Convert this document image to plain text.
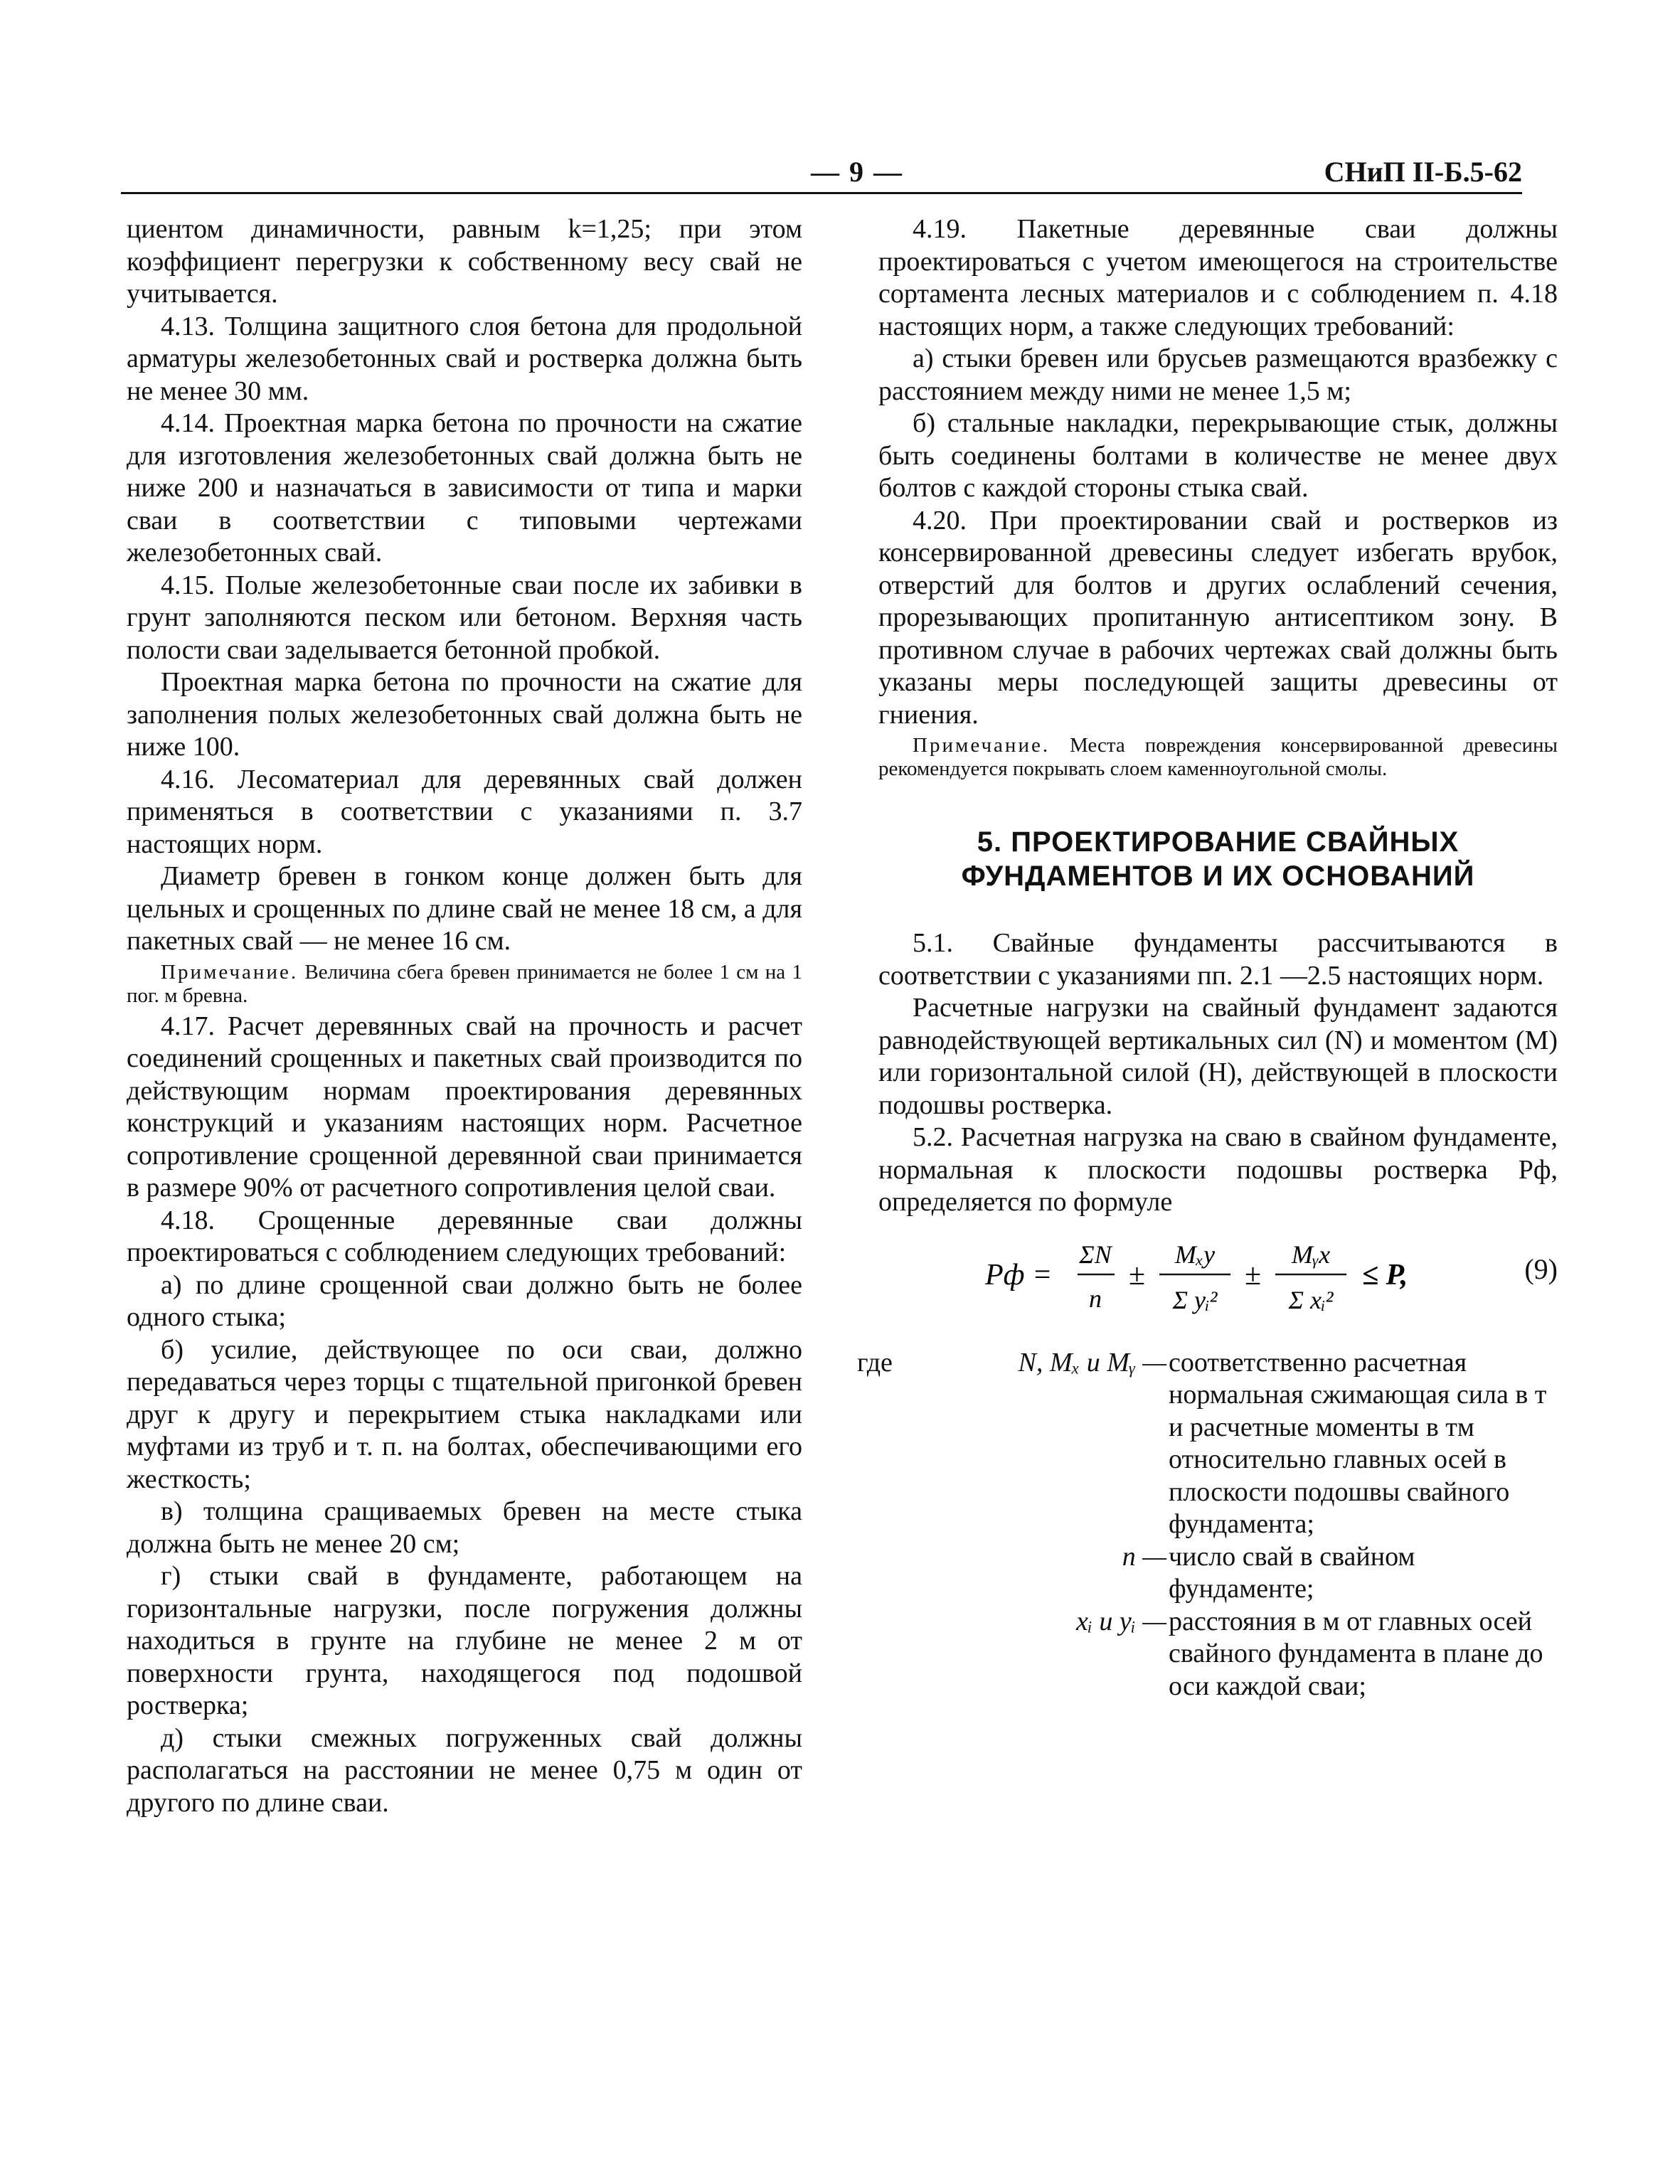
— 9 —	СНиП II-Б.5-62

циентом динамичности, равным k=1,25; при этом коэффициент перегрузки к собственному весу свай не учитывается.

4.13. Толщина защитного слоя бетона для продольной арматуры железобетонных свай и ростверка должна быть не менее 30 мм.

4.14. Проектная марка бетона по прочности на сжатие для изготовления железобетонных свай должна быть не ниже 200 и назначаться в зависимости от типа и марки сваи в соответствии с типовыми чертежами железобетонных свай.

4.15. Полые железобетонные сваи после их забивки в грунт заполняются песком или бетоном. Верхняя часть полости сваи заделывается бетонной пробкой.

Проектная марка бетона по прочности на сжатие для заполнения полых железобетонных свай должна быть не ниже 100.

4.16. Лесоматериал для деревянных свай должен применяться в соответствии с указаниями п. 3.7 настоящих норм.

Диаметр бревен в гонком конце должен быть для цельных и срощенных по длине свай не менее 18 см, а для пакетных свай — не менее 16 см.

Примечание. Величина сбега бревен принимается не более 1 см на 1 пог. м бревна.

4.17. Расчет деревянных свай на прочность и расчет соединений срощенных и пакетных свай производится по действующим нормам проектирования деревянных конструкций и указаниям настоящих норм. Расчетное сопротивление срощенной деревянной сваи принимается в размере 90% от расчетного сопротивления целой сваи.

4.18. Срощенные деревянные сваи должны проектироваться с соблюдением следующих требований:

а) по длине срощенной сваи должно быть не более одного стыка;

б) усилие, действующее по оси сваи, должно передаваться через торцы с тщательной пригонкой бревен друг к другу и перекрытием стыка накладками или муфтами из труб и т. п. на болтах, обеспечивающими его жесткость;

в) толщина сращиваемых бревен на месте стыка должна быть не менее 20 см;

г) стыки свай в фундаменте, работающем на горизонтальные нагрузки, после погружения должны находиться в грунте на глубине не менее 2 м от поверхности грунта, находящегося под подошвой ростверка;

д) стыки смежных погруженных свай должны располагаться на расстоянии не менее 0,75 м один от другого по длине сваи.

4.19. Пакетные деревянные сваи должны проектироваться с учетом имеющегося на строительстве сортамента лесных материалов и с соблюдением п. 4.18 настоящих норм, а также следующих требований:

а) стыки бревен или брусьев размещаются вразбежку с расстоянием между ними не менее 1,5 м;

б) стальные накладки, перекрывающие стык, должны быть соединены болтами в количестве не менее двух болтов с каждой стороны стыка свай.

4.20. При проектировании свай и ростверков из консервированной древесины следует избегать врубок, отверстий для болтов и других ослаблений сечения, прорезывающих пропитанную антисептиком зону. В противном случае в рабочих чертежах свай должны быть указаны меры последующей защиты древесины от гниения.

Примечание. Места повреждения консервированной древесины рекомендуется покрывать слоем каменноугольной смолы.
5. ПРОЕКТИРОВАНИЕ СВАЙНЫХ
ФУНДАМЕНТОВ И ИХ ОСНОВАНИЙ

5.1. Свайные фундаменты рассчитываются в соответствии с указаниями пп. 2.1 —2.5 настоящих норм.

Расчетные нагрузки на свайный фундамент задаются равнодействующей вертикальных сил (N) и моментом (M) или горизонтальной силой (H), действующей в плоскости подошвы ростверка.

5.2. Расчетная нагрузка на сваю в свайном фундаменте, нормальная к плоскости подошвы ростверка Pф, определяется по формуле

Pф =
ΣN
n
±
Mₓy
Σ yᵢ²
±
Mᵧx
Σ xᵢ²
≤ P,	(9)
где	N, Mₓ и Mᵧ — соответственно расчетная нормальная сжимающая сила в т и расчетные моменты в тм относительно главных осей в плоскости подошвы свайного фундамента;
n — число свай в свайном фундаменте;
xᵢ и yᵢ — расстояния в м от главных осей свайного фундамента в плане до оси каждой сваи;
